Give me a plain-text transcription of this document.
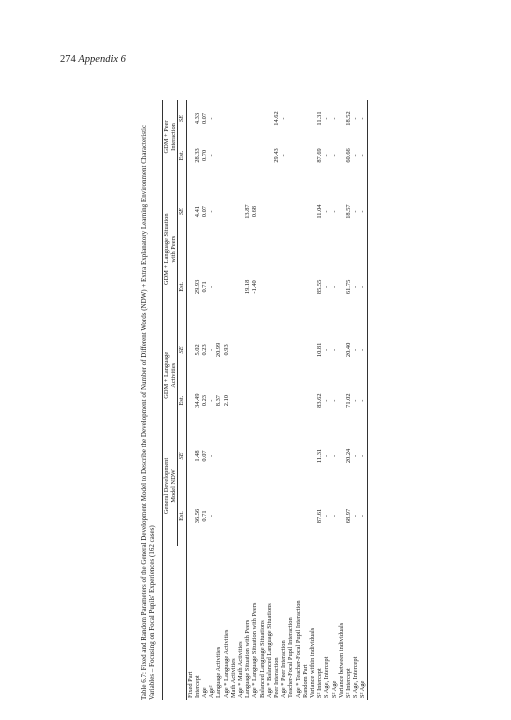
274 Appendix 6
Table 6.7: Fixed and Random Parameters of the General Development Model to Describe the Development of Number of Different Words (NDW) + Extra Explanatory Learning Environment Characteristic Variables – Focusing on Focal Pupils' Experiences (162 cases)
	General Development		GDM + Language		GDM + Language Situation		GDM + Peer	
	Model NDW		Activities		with Peers		Interaction	
	Est.	SE	Est.	SE	Est.	SE	Est.	SE
Fixed Part								
Intercept	36.56	1.48	34.49	5.02	29.93	4.41	28.33	4.33
Age	0.71	0.07	0.23	0.23	0.71	0.07	0.70	0.07
Age²	-	-	-	-	-	-	-	-
Language Activities			8.37	20.99				
Age * Language Activities			2.10	0.93				
Math Activities								
Age * Math Activities								
Language Situation with Peers					19.18	13.87		
Age * Language Situation with Peers					-1.40	0.68		
Balanced Language Situations								
Age * Balanced Language Situations								
Peer Interaction							29.43	14.62
Age * Peer Interaction							-	-
Teacher-Focal Pupil Interaction								
Age * Teacher-Focal Pupil Interaction								
Random Part								
Variance within individuals								
S² Intercept	87.61	11.31	83.62	10.81	85.55	11.04	87.69	11.31
S Age, Intercept	-	-	-	-	-	-	-	-
S² Age	-	-	-	-	-	-	-	-
Variance between individuals								
S² Intercept	68.97	20.24	71.02	20.40	61.75	18.57	60.66	18.52
S Age, Intercept	-	-	-	-	-	-	-	-
S² Age	-	-	-	-	-	-	-	-
